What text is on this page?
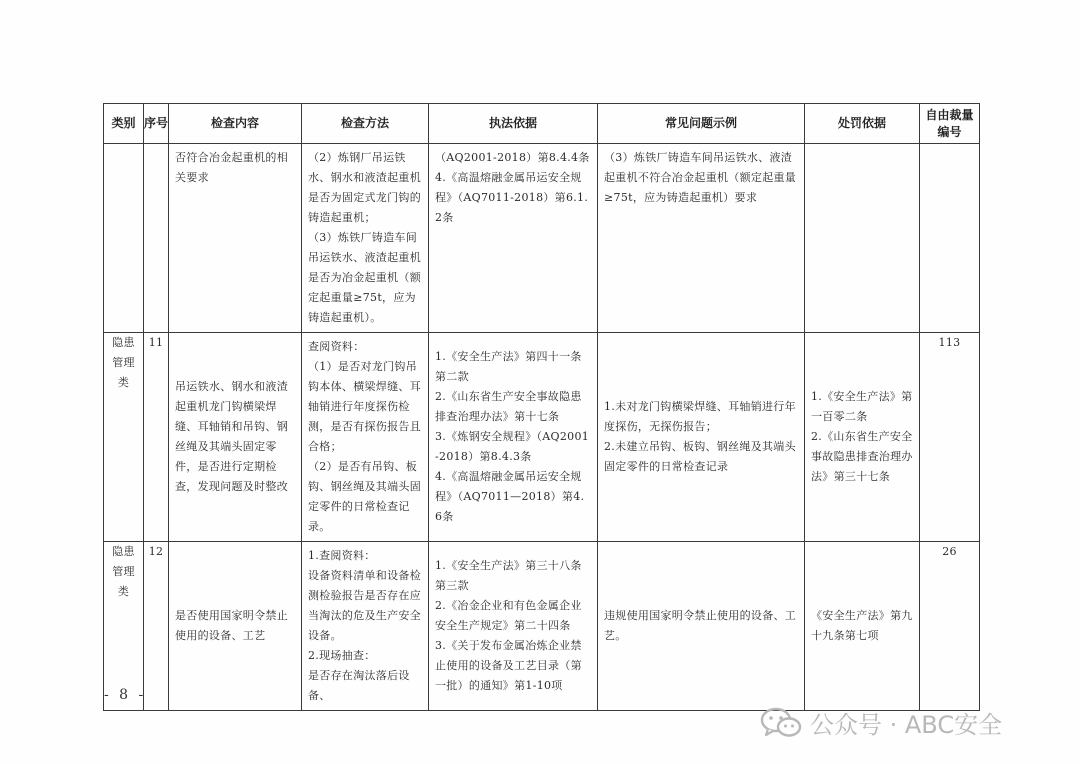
类别	序号	检查内容	检查方法	执法依据	常见问题示例	处罚依据	自由裁量编号

		否符合冶金起重机的相关要求	（2）炼钢厂吊运铁水、钢水和液渣起重机是否为固定式龙门钩的铸造起重机；
（3）炼铁厂铸造车间吊运铁水、液渣起重机是否为冶金起重机（额定起重量≥75t，应为铸造起重机）。	（AQ2001-2018）第8.4.4条
4.《高温熔融金属吊运安全规程》（AQ7011-2018）第6.1.2条	（3）炼铁厂铸造车间吊运铁水、液渣起重机不符合冶金起重机（额定起重量≥75t，应为铸造起重机）要求		

隐患管理类	11	吊运铁水、钢水和液渣起重机龙门钩横梁焊缝、耳轴销和吊钩、钢丝绳及其端头固定零件，是否进行定期检查，发现问题及时整改	查阅资料：
（1）是否对龙门钩吊钩本体、横梁焊缝、耳轴销进行年度探伤检测，是否有探伤报告且合格；
（2）是否有吊钩、板钩、钢丝绳及其端头固定零件的日常检查记录。	1.《安全生产法》第四十一条第二款
2.《山东省生产安全事故隐患排查治理办法》第十七条
3.《炼钢安全规程》（AQ2001-2018）第8.4.3条
4.《高温熔融金属吊运安全规程》（AQ7011—2018）第4.6条	1.未对龙门钩横梁焊缝、耳轴销进行年度探伤，无探伤报告；
2.未建立吊钩、板钩、钢丝绳及其端头固定零件的日常检查记录	1.《安全生产法》第一百零二条
2.《山东省生产安全事故隐患排查治理办法》第三十七条	113

隐患管理类	12	是否使用国家明令禁止使用的设备、工艺	1.查阅资料：
设备资料清单和设备检测检验报告是否存在应当淘汰的危及生产安全设备。
2.现场抽查：
是否存在淘汰落后设备、	1.《安全生产法》第三十八条第三款
2.《冶金企业和有色金属企业安全生产规定》第二十四条
3.《关于发布金属冶炼企业禁止使用的设备及工艺目录（第一批）的通知》第1-10项	违规使用国家明令禁止使用的设备、工艺。	《安全生产法》第九十九条第七项	26
- 8 -
公众号 · ABC安全
